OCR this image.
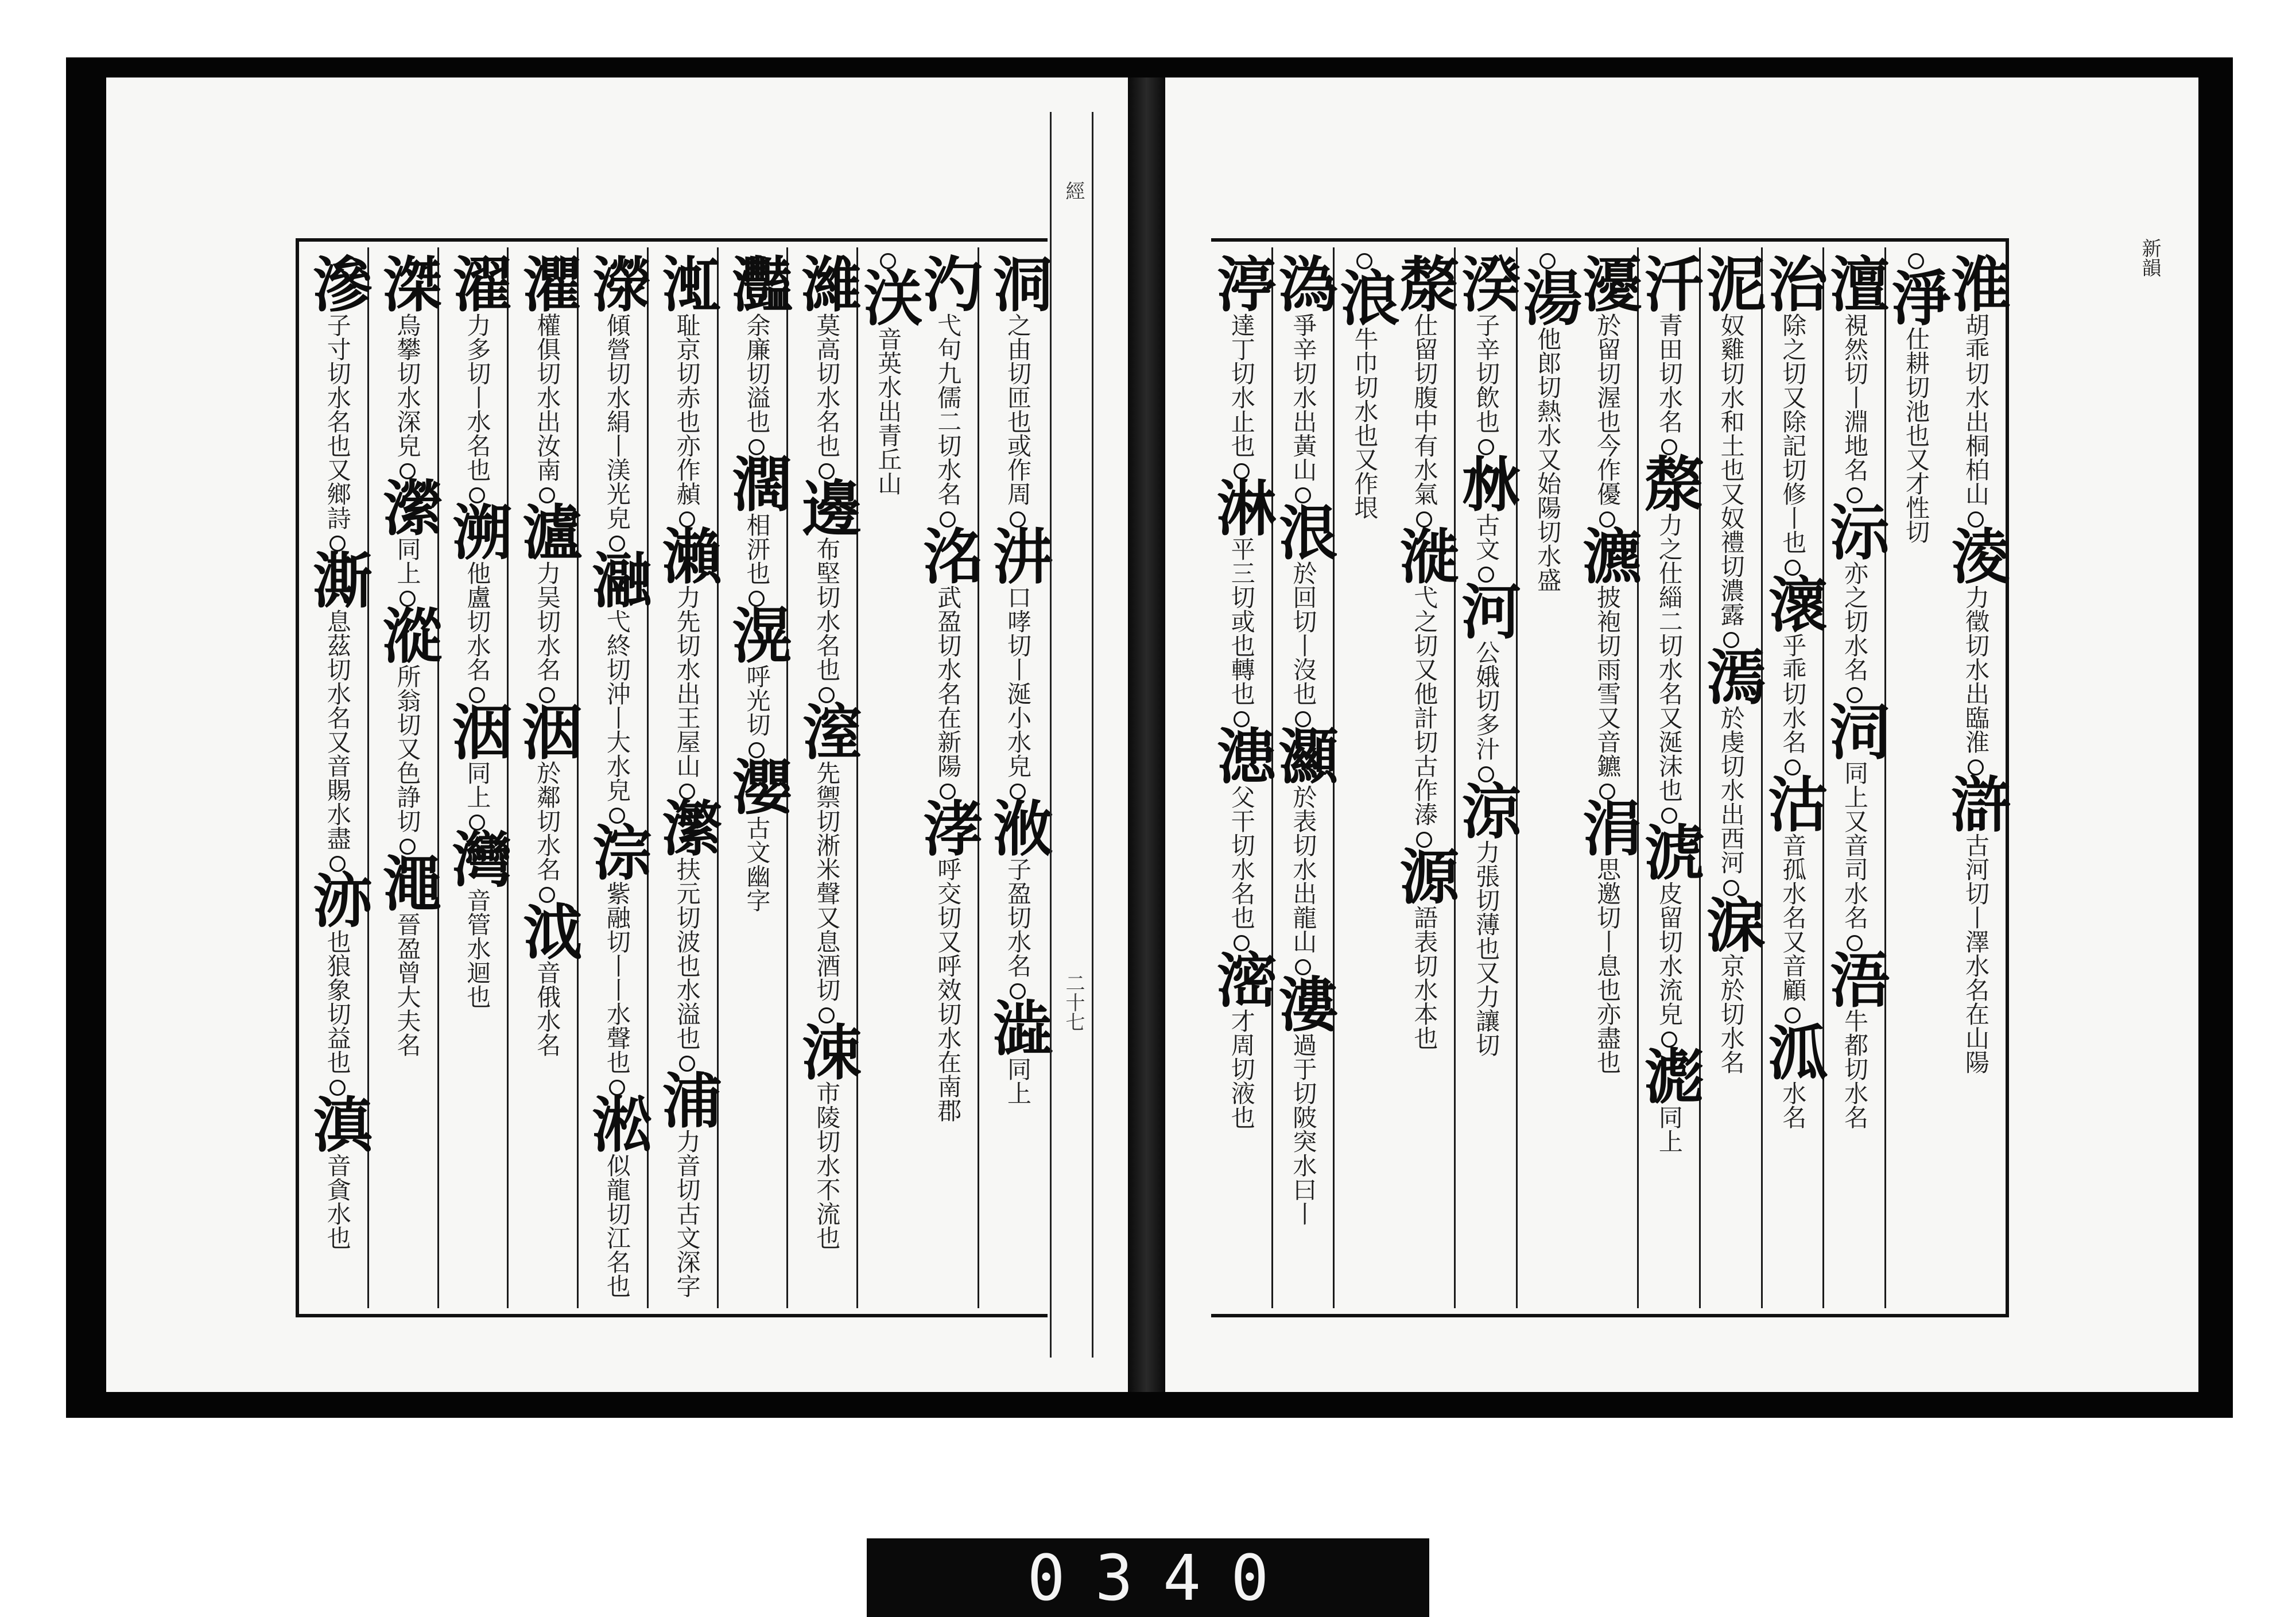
洞之由切匝也或作周汫口哮切丨涎小水皃浟子盈切水名澁同上
汋弋句九儒二切水名洺武盈切水名在新陽涍呼交切又呼效切水在南郡浂音英水出青丘山
濰莫高切水名也邊布堅切水名也潌先禦切淅米聲又息酒切涑市陵切水不流也
灩余廉切溢也濶相汧也滉呼光切瀴古文幽字
渱耻京切赤也亦作赬瀨力先切水出王屋山瀿扶元切波也水溢也浦力音切古文深字
濴傾營切水絹丨渼光皃瀜弋終切沖丨大水皃淙紫融切丨丨水聲也淞似龍切江名也
灈權俱切水出汝南瀘力吴切水名洇於鄰切水名泧音俄水名
濯力多切丨水名也溯他盧切水名洇同上灣音管水迴也
滐烏攀切水深皃瀠同上漎所翁切又色諍切澠晉盈曾大夫名
滲子寸切水名也又鄉詩澌息茲切水名又音賜水盡洂也狼象切益也滇音貪水也
二十七
經
淮胡乖切水出桐柏山淩力徵切水出臨淮滸古河切丨澤水名在山陽淨仕耕切池也又才性切
澶視然切丨淵地名沶亦之切水名泀同上又音司水名浯牛都切水名
治除之切又除記切修丨也瀤乎乖切水名沽音孤水名又音顧泒水名
泥奴雞切水和土也又奴禮切濃露漹於虔切水出西河淭京於切水名
汘青田切水名漦力之仕緇二切水名又涎沫也淲皮留切水流皃滮同上
瀀於留切渥也今作優瀌披袍切雨雪又音鑣涓思邀切丨息也亦盡也湯他郎切熱水又始陽切水盛
湀子辛切飲也沝古文河公娥切多汁涼力張切薄也又力讓切
漦仕留切腹中有水氣漇弋之切又他計切古作溙源語表切水本也浪牛巾切水也又作垠
溈爭辛切水出黃山泿於回切丨沒也灦於表切水出龍山漊過于切陂突水曰丨
渟達丁切水止也淋平三切或也轉也漶父干切水名也滵才周切液也
新韻
0340
